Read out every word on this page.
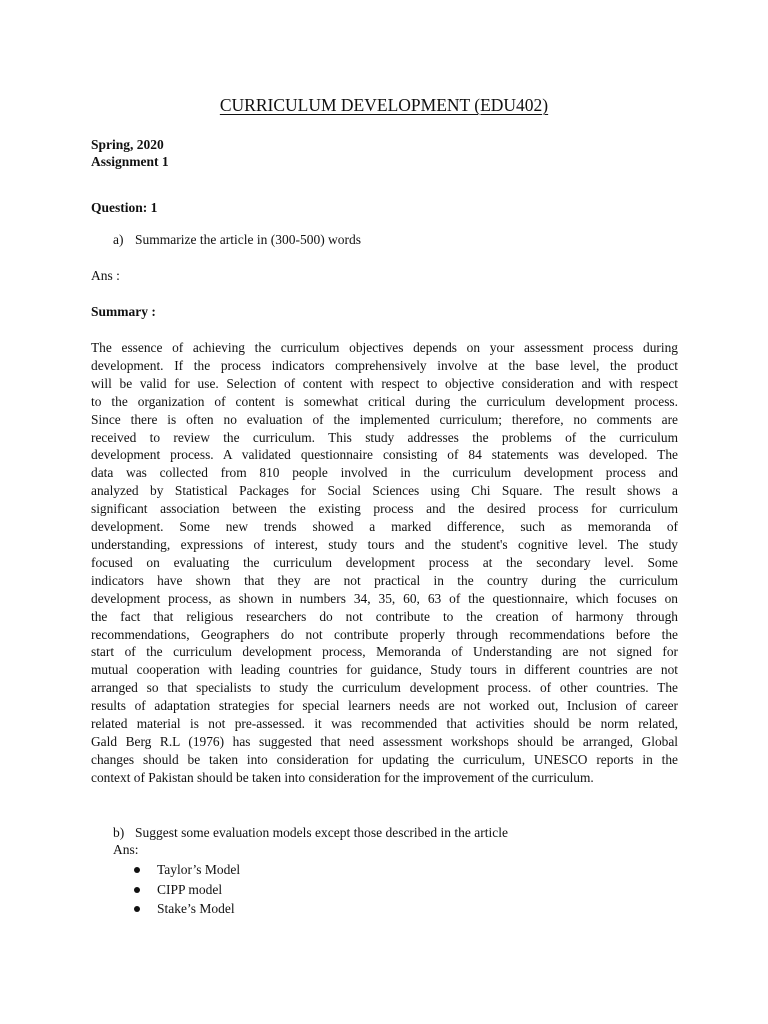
CURRICULUM DEVELOPMENT (EDU402)
Spring, 2020
Assignment 1
Question: 1
a) Summarize the article in (300-500) words
Ans :
Summary :
The essence of achieving the curriculum objectives depends on your assessment process during
development. If the process indicators comprehensively involve at the base level, the product
will be valid for use. Selection of content with respect to objective consideration and with respect
to the organization of content is somewhat critical during the curriculum development process.
Since there is often no evaluation of the implemented curriculum; therefore, no comments are
received to review the curriculum. This study addresses the problems of the curriculum
development process. A validated questionnaire consisting of 84 statements was developed. The
data was collected from 810 people involved in the curriculum development process and
analyzed by Statistical Packages for Social Sciences using Chi Square. The result shows a
significant association between the existing process and the desired process for curriculum
development. Some new trends showed a marked difference, such as memoranda of
understanding, expressions of interest, study tours and the student's cognitive level. The study
focused on evaluating the curriculum development process at the secondary level. Some
indicators have shown that they are not practical in the country during the curriculum
development process, as shown in numbers 34, 35, 60, 63 of the questionnaire, which focuses on
the fact that religious researchers do not contribute to the creation of harmony through
recommendations, Geographers do not contribute properly through recommendations before the
start of the curriculum development process, Memoranda of Understanding are not signed for
mutual cooperation with leading countries for guidance, Study tours in different countries are not
arranged so that specialists to study the curriculum development process. of other countries. The
results of adaptation strategies for special learners needs are not worked out, Inclusion of career
related material is not pre-assessed. it was recommended that activities should be norm related,
Gald Berg R.L (1976) has suggested that need assessment workshops should be arranged, Global
changes should be taken into consideration for updating the curriculum, UNESCO reports in the
context of Pakistan should be taken into consideration for the improvement of the curriculum.
b) Suggest some evaluation models except those described in the article
Ans:
Taylor’s Model
CIPP model
Stake’s Model
